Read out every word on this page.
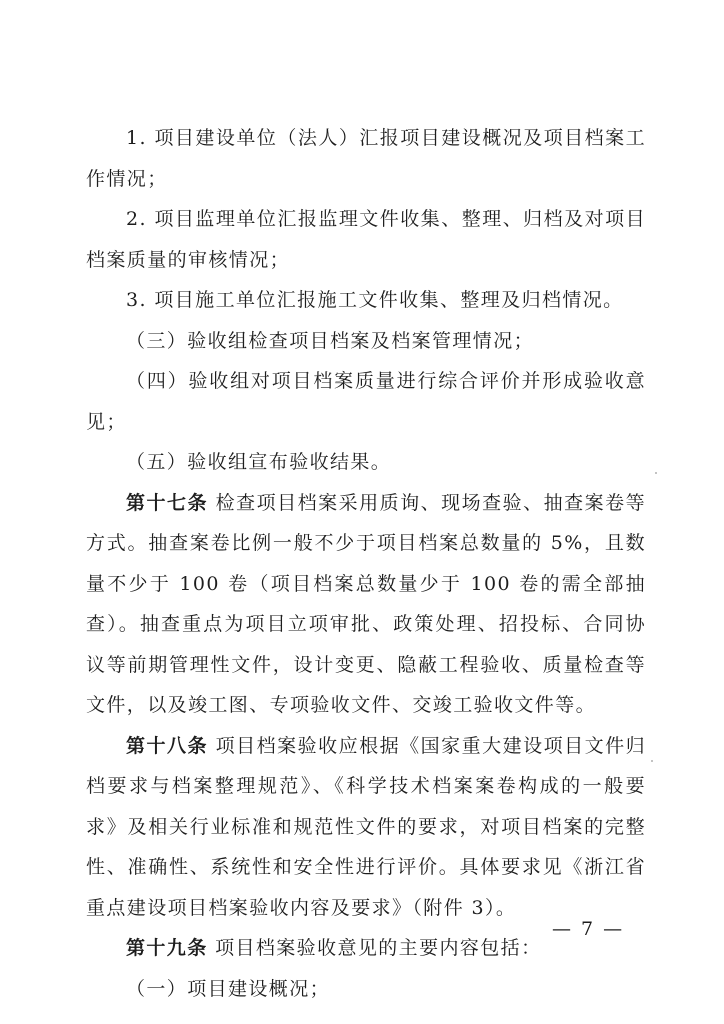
1. 项目建设单位（法人）汇报项目建设概况及项目档案工作情况；

2. 项目监理单位汇报监理文件收集、整理、归档及对项目档案质量的审核情况；

3. 项目施工单位汇报施工文件收集、整理及归档情况。

（三）验收组检查项目档案及档案管理情况；

（四）验收组对项目档案质量进行综合评价并形成验收意见；

（五）验收组宣布验收结果。

第十七条 检查项目档案采用质询、现场查验、抽查案卷等方式。抽查案卷比例一般不少于项目档案总数量的 5%，且数量不少于 100 卷（项目档案总数量少于 100 卷的需全部抽查）。抽查重点为项目立项审批、政策处理、招投标、合同协议等前期管理性文件，设计变更、隐蔽工程验收、质量检查等文件，以及竣工图、专项验收文件、交竣工验收文件等。

第十八条 项目档案验收应根据《国家重大建设项目文件归档要求与档案整理规范》、《科学技术档案案卷构成的一般要求》及相关行业标准和规范性文件的要求，对项目档案的完整性、准确性、系统性和安全性进行评价。具体要求见《浙江省重点建设项目档案验收内容及要求》（附件 3）。

第十九条 项目档案验收意见的主要内容包括：

（一）项目建设概况；

— 7 —
